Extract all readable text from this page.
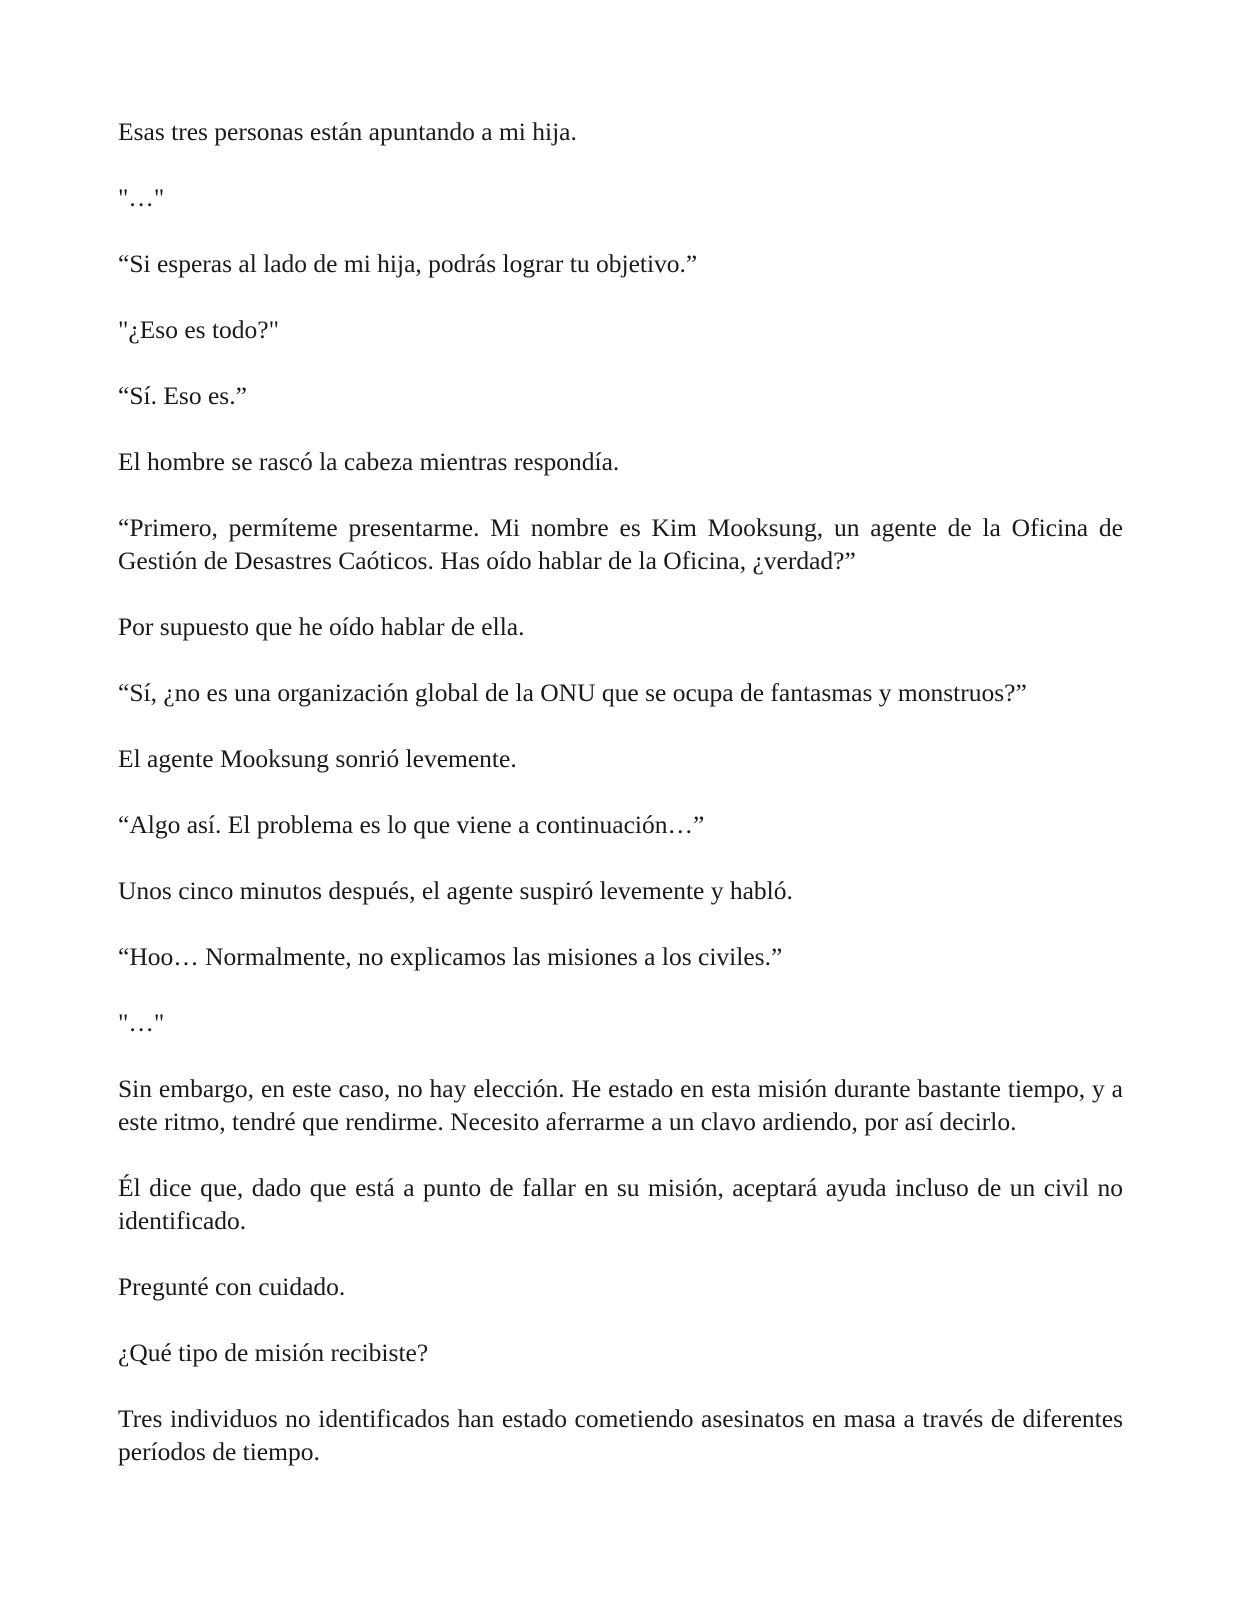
Esas tres personas están apuntando a mi hija.

"…"

“Si esperas al lado de mi hija, podrás lograr tu objetivo.”

"¿Eso es todo?"

“Sí. Eso es.”

El hombre se rascó la cabeza mientras respondía.

“Primero, permíteme presentarme. Mi nombre es Kim Mooksung, un agente de la Oficina de Gestión de Desastres Caóticos. Has oído hablar de la Oficina, ¿verdad?”

Por supuesto que he oído hablar de ella.

“Sí, ¿no es una organización global de la ONU que se ocupa de fantasmas y monstruos?”

El agente Mooksung sonrió levemente.

“Algo así. El problema es lo que viene a continuación…”

Unos cinco minutos después, el agente suspiró levemente y habló.

“Hoo… Normalmente, no explicamos las misiones a los civiles.”

"…"

Sin embargo, en este caso, no hay elección. He estado en esta misión durante bastante tiempo, y a este ritmo, tendré que rendirme. Necesito aferrarme a un clavo ardiendo, por así decirlo.

Él dice que, dado que está a punto de fallar en su misión, aceptará ayuda incluso de un civil no identificado.

Pregunté con cuidado.

¿Qué tipo de misión recibiste?

Tres individuos no identificados han estado cometiendo asesinatos en masa a través de diferentes períodos de tiempo.
